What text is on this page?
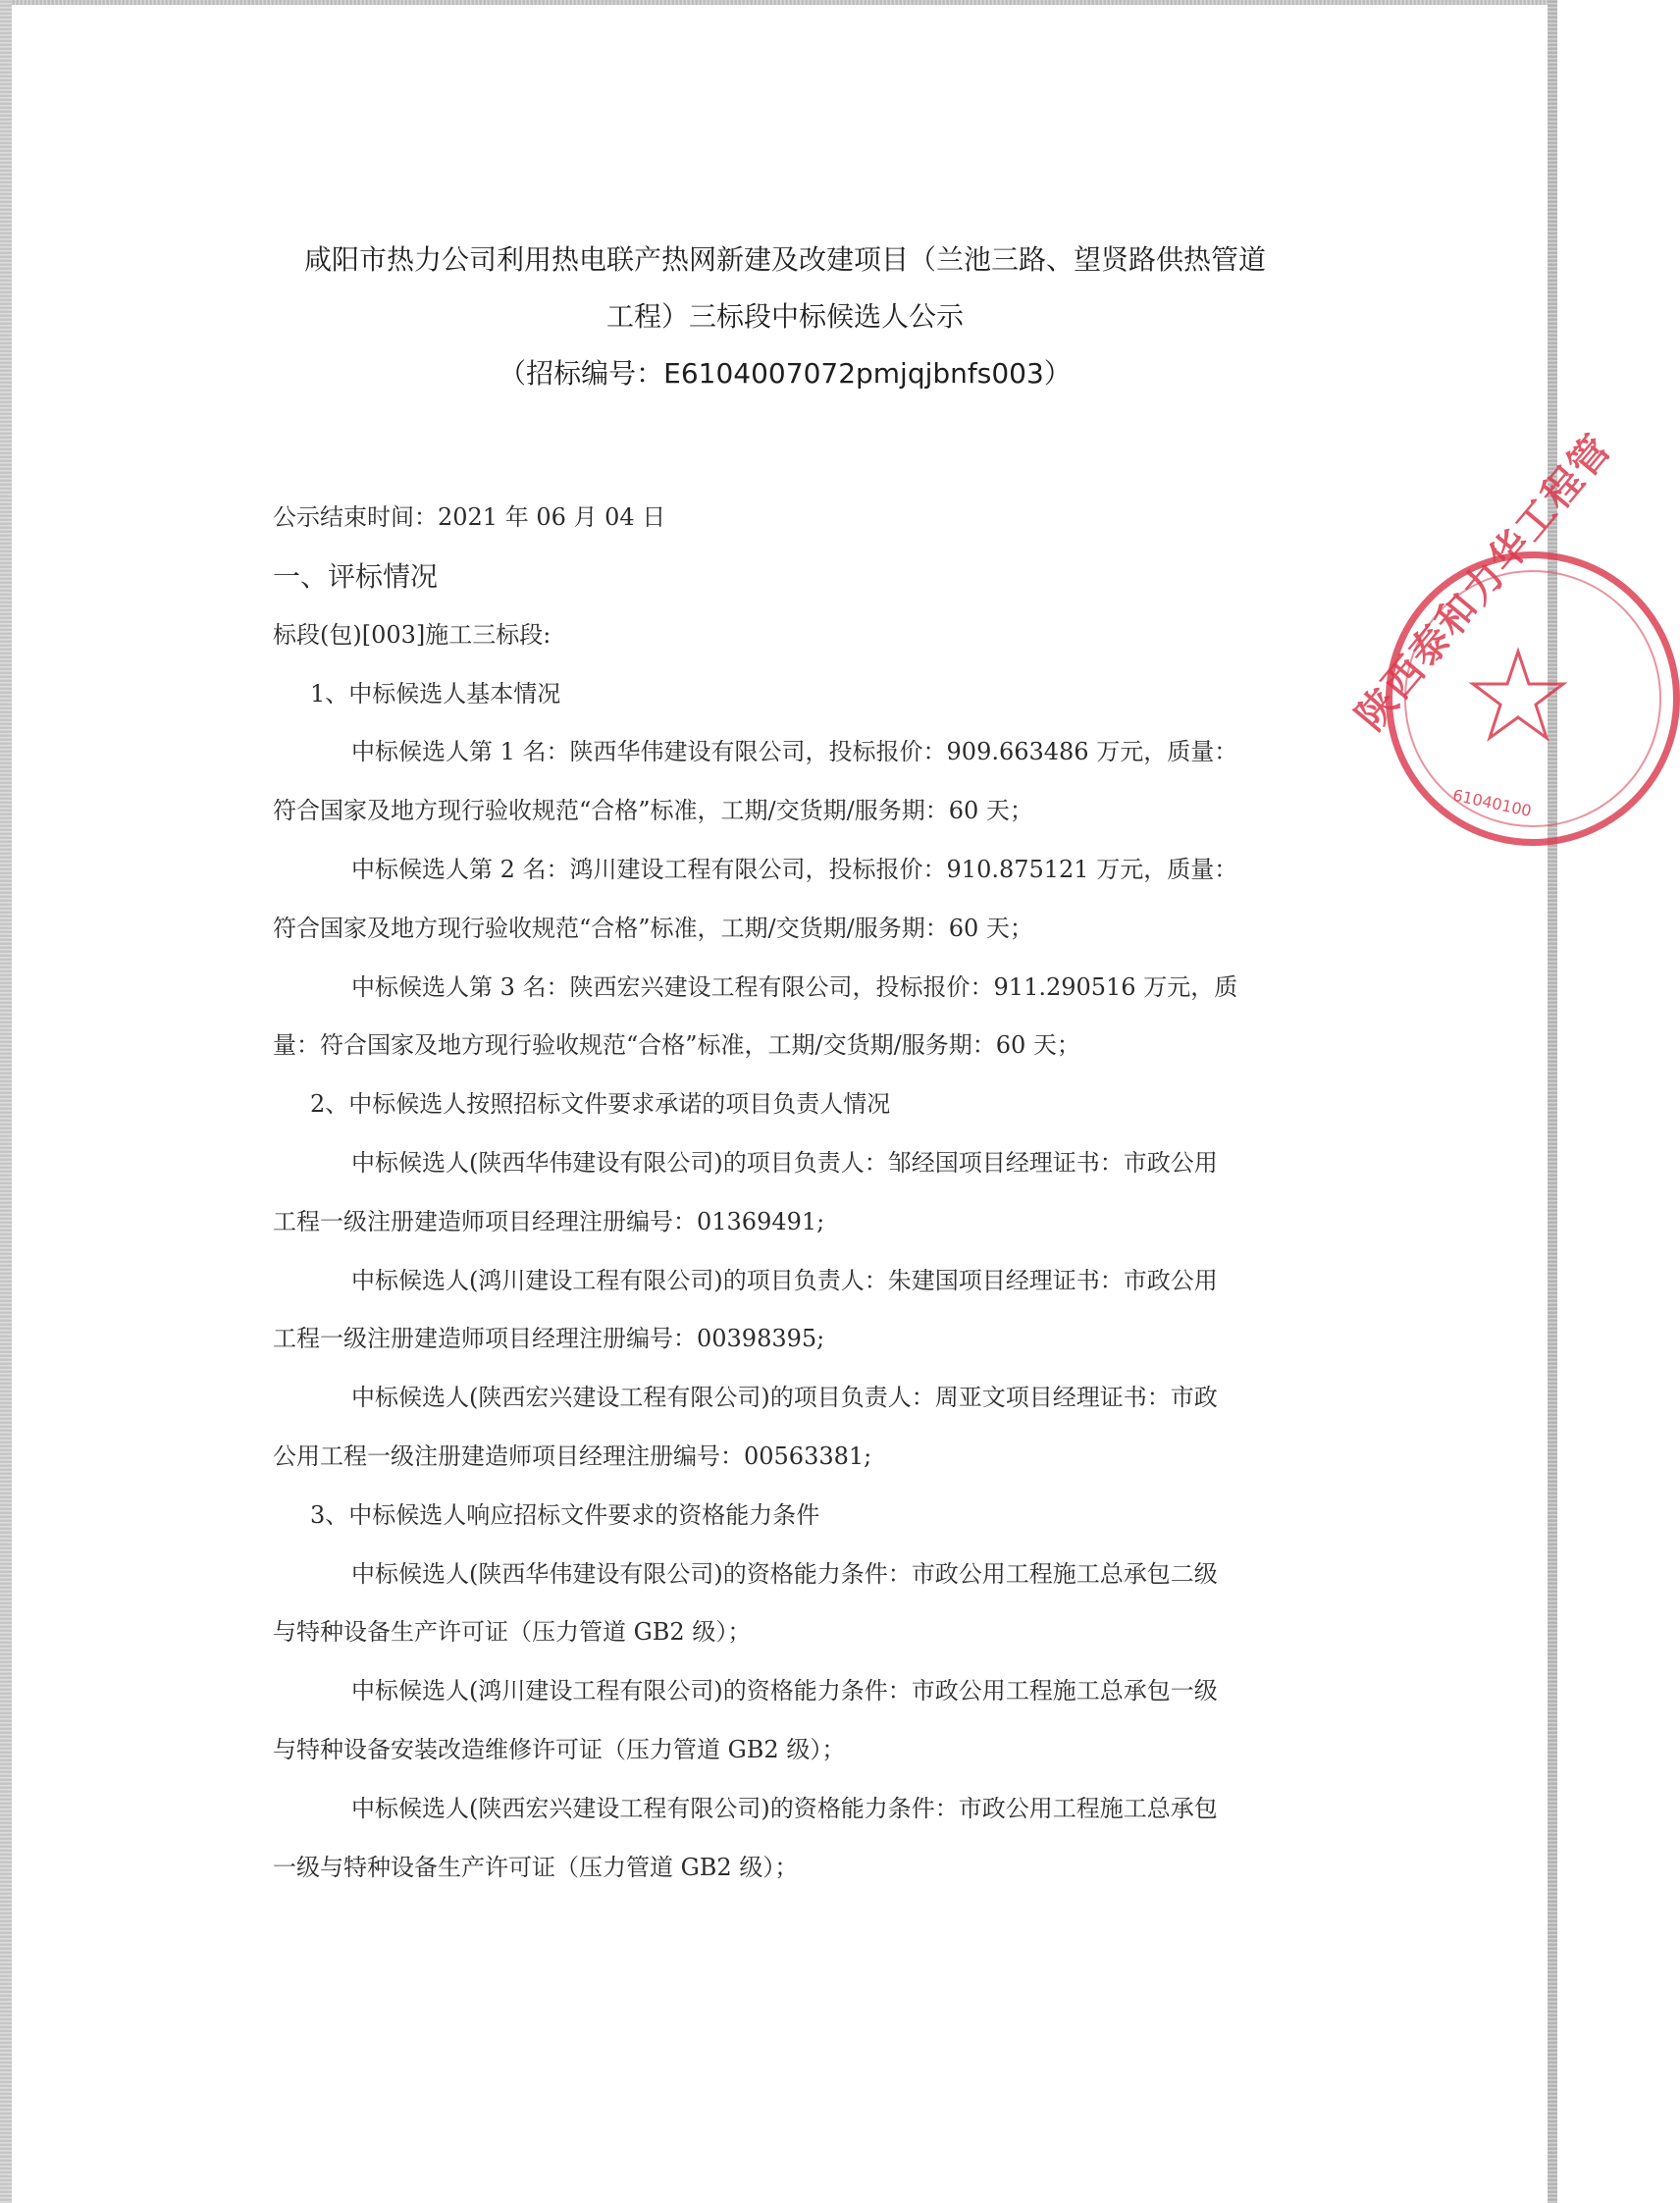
咸阳市热力公司利用热电联产热网新建及改建项目（兰池三路、望贤路供热管道
工程）三标段中标候选人公示
（招标编号：E6104007072pmjqjbnfs003）
公示结束时间：2021 年 06 月 04 日
一、评标情况
标段(包)[003]施工三标段:
1、中标候选人基本情况
中标候选人第 1 名：陕西华伟建设有限公司，投标报价：909.663486 万元，质量：
符合国家及地方现行验收规范“合格”标准，工期/交货期/服务期：60 天；
中标候选人第 2 名：鸿川建设工程有限公司，投标报价：910.875121 万元，质量：
符合国家及地方现行验收规范“合格”标准，工期/交货期/服务期：60 天；
中标候选人第 3 名：陕西宏兴建设工程有限公司，投标报价：911.290516 万元，质
量：符合国家及地方现行验收规范“合格”标准，工期/交货期/服务期：60 天；
2、中标候选人按照招标文件要求承诺的项目负责人情况
中标候选人(陕西华伟建设有限公司)的项目负责人：邹经国项目经理证书：市政公用
工程一级注册建造师项目经理注册编号：01369491;
中标候选人(鸿川建设工程有限公司)的项目负责人：朱建国项目经理证书：市政公用
工程一级注册建造师项目经理注册编号：00398395;
中标候选人(陕西宏兴建设工程有限公司)的项目负责人：周亚文项目经理证书：市政
公用工程一级注册建造师项目经理注册编号：00563381;
3、中标候选人响应招标文件要求的资格能力条件
中标候选人(陕西华伟建设有限公司)的资格能力条件：市政公用工程施工总承包二级
与特种设备生产许可证（压力管道 GB2 级）；
中标候选人(鸿川建设工程有限公司)的资格能力条件：市政公用工程施工总承包一级
与特种设备安装改造维修许可证（压力管道 GB2 级）；
中标候选人(陕西宏兴建设工程有限公司)的资格能力条件：市政公用工程施工总承包
一级与特种设备生产许可证（压力管道 GB2 级）；
陕西泰和力华工程管
61040100
